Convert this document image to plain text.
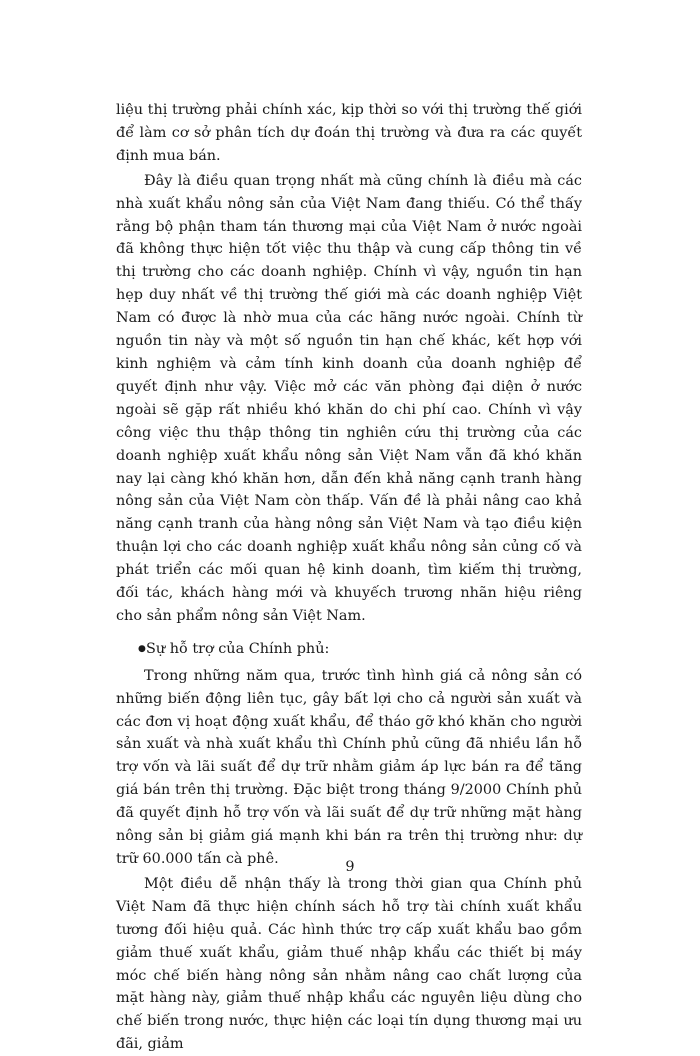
liệu thị trường phải chính xác, kịp thời so với thị trường thế giới để làm cơ sở phân tích dự đoán thị trường và đưa ra các quyết định mua bán.

Đây là điều quan trọng nhất mà cũng chính là điều mà các nhà xuất khẩu nông sản của Việt Nam đang thiếu. Có thể thấy rằng bộ phận tham tán thương mại của Việt Nam ở nước ngoài đã không thực hiện tốt việc thu thập và cung cấp thông tin về thị trường cho các doanh nghiệp. Chính vì vậy, nguồn tin hạn hẹp duy nhất về thị trường thế giới mà các doanh nghiệp Việt Nam có được là nhờ mua của các hãng nước ngoài. Chính từ nguồn tin này và một số nguồn tin hạn chế khác, kết hợp với kinh nghiệm và cảm tính kinh doanh của doanh nghiệp để quyết định như vậy. Việc mở các văn phòng đại diện ở nước ngoài sẽ gặp rất nhiều khó khăn do chi phí cao. Chính vì vậy công việc thu thập thông tin nghiên cứu thị trường của các doanh nghiệp xuất khẩu nông sản Việt Nam vẫn đã khó khăn nay lại càng khó khăn hơn, dẫn đến khả năng cạnh tranh hàng nông sản của Việt Nam còn thấp. Vấn đề là phải nâng cao khả năng cạnh tranh của hàng nông sản Việt Nam và tạo điều kiện thuận lợi cho các doanh nghiệp xuất khẩu nông sản củng cố và phát triển các mối quan hệ kinh doanh, tìm kiếm thị trường, đối tác, khách hàng mới và khuyếch trương nhãn hiệu riêng cho sản phẩm nông sản Việt Nam.

● Sự hỗ trợ của Chính phủ:

Trong những năm qua, trước tình hình giá cả nông sản có những biến động liên tục, gây bất lợi cho cả người sản xuất và các đơn vị hoạt động xuất khẩu, để tháo gỡ khó khăn cho người sản xuất và nhà xuất khẩu thì Chính phủ cũng đã nhiều lần hỗ trợ vốn và lãi suất để dự trữ nhằm giảm áp lực bán ra để tăng giá bán trên thị trường. Đặc biệt trong tháng 9/2000 Chính phủ đã quyết định hỗ trợ vốn và lãi suất để dự trữ những mặt hàng nông sản bị giảm giá mạnh khi bán ra trên thị trường như: dự trữ 60.000 tấn cà phê.

Một điều dễ nhận thấy là trong thời gian qua Chính phủ Việt Nam đã thực hiện chính sách hỗ trợ tài chính xuất khẩu tương đối hiệu quả. Các hình thức trợ cấp xuất khẩu bao gồm giảm thuế xuất khẩu, giảm thuế nhập khẩu các thiết bị máy móc chế biến hàng nông sản nhằm nâng cao chất lượng của mặt hàng này, giảm thuế nhập khẩu các nguyên liệu dùng cho chế biến trong nước, thực hiện các loại tín dụng thương mại ưu đãi, giảm

9
